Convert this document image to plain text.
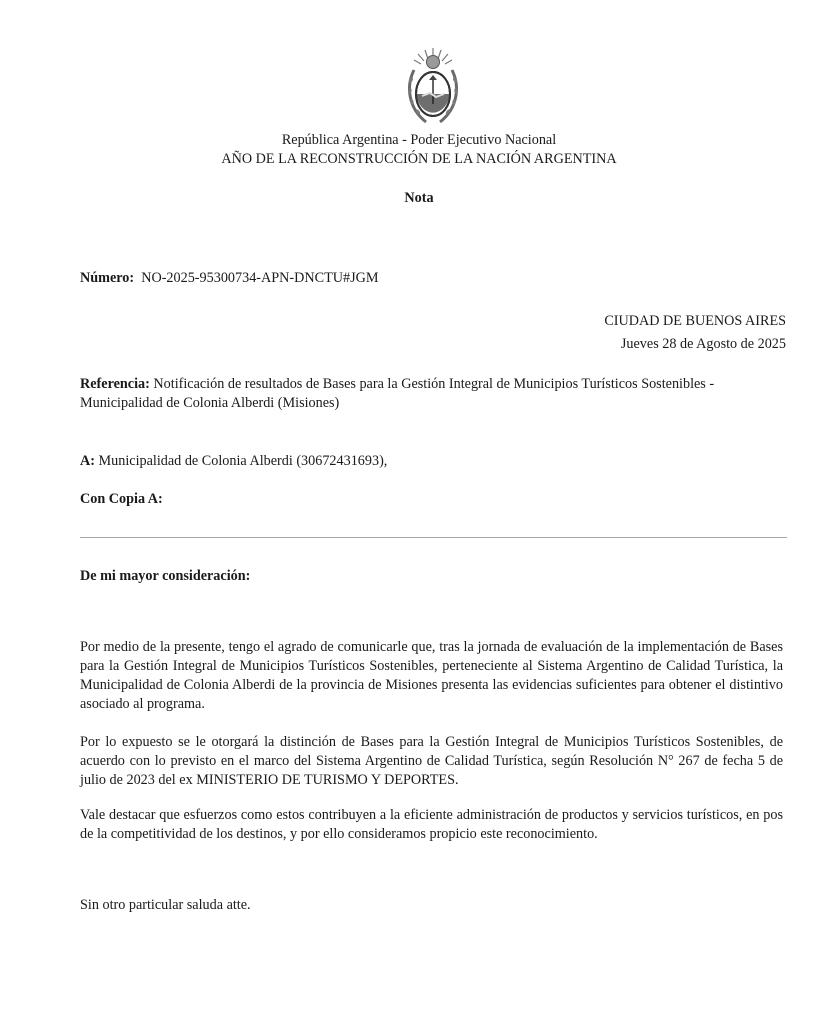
República Argentina - Poder Ejecutivo Nacional
AÑO DE LA RECONSTRUCCIÓN DE LA NACIÓN ARGENTINA
Nota
Número: NO-2025-95300734-APN-DNCTU#JGM
CIUDAD DE BUENOS AIRES
Jueves 28 de Agosto de 2025
Referencia: Notificación de resultados de Bases para la Gestión Integral de Municipios Turísticos Sostenibles - Municipalidad de Colonia Alberdi (Misiones)
A: Municipalidad de Colonia Alberdi (30672431693),
Con Copia A:
De mi mayor consideración:
Por medio de la presente, tengo el agrado de comunicarle que, tras la jornada de evaluación de la implementación de Bases para la Gestión Integral de Municipios Turísticos Sostenibles, perteneciente al Sistema Argentino de Calidad Turística, la Municipalidad de Colonia Alberdi de la provincia de Misiones presenta las evidencias suficientes para obtener el distintivo asociado al programa.
Por lo expuesto se le otorgará la distinción de Bases para la Gestión Integral de Municipios Turísticos Sostenibles, de acuerdo con lo previsto en el marco del Sistema Argentino de Calidad Turística, según Resolución N° 267 de fecha 5 de julio de 2023 del ex MINISTERIO DE TURISMO Y DEPORTES.
Vale destacar que esfuerzos como estos contribuyen a la eficiente administración de productos y servicios turísticos, en pos de la competitividad de los destinos, y por ello consideramos propicio este reconocimiento.
Sin otro particular saluda atte.
